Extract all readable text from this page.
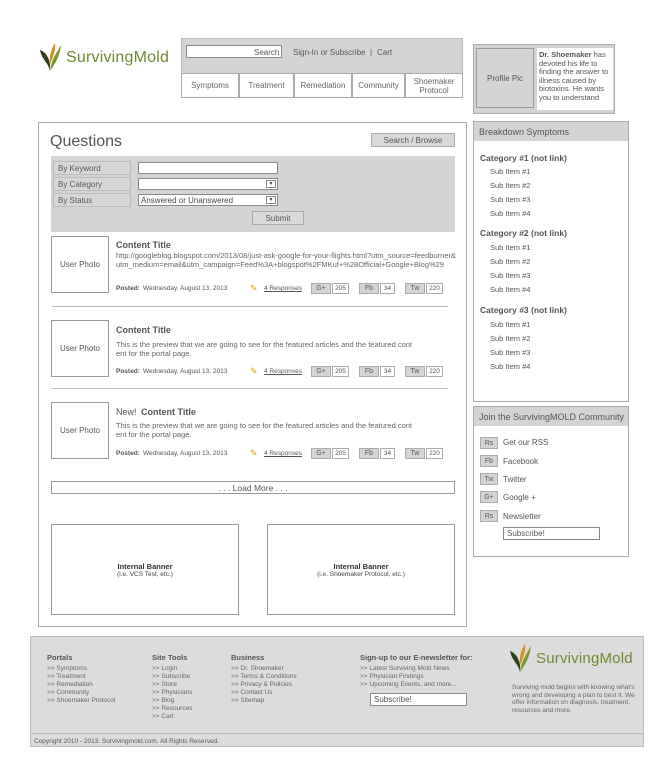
SurvivingMold	Search Sign-In or Subscribe | Cart
Symptoms	Treatment	Remediation	Community	Shoemaker Protocol
Profile Pic
Dr. Shoemaker has devoted his life to finding the answer to illness caused by biotoxins. He wants you to understand
Questions	Search / Browse
By Keyword
By Category	▾
By Status	Answered or Unanswered	▾
Submit
User Photo
Content Title
http://googleblog.blogspot.com/2013/08/just-ask-google-for-your-flights.html?utm_source=feedburner&utm_medium=email&utm_campaign=Feed%3A+blogspot%2FMKuf+%28Official+Google+Blog%29
Posted: Wednesday, August 13, 2013	✎ 4 Responses	G+	205	Fb	34	Tw	220
User Photo
Content Title
This is the preview that we are going to see for the featured articles and the featured content for the portal page.
Posted: Wednesday, August 13, 2013	✎ 4 Responses	G+	205	Fb	34	Tw	220
User Photo
New! Content Title
This is the preview that we are going to see for the featured articles and the featured content for the portal page.
Posted: Wednesday, August 13, 2013	✎ 4 Responses	G+	205	Fb	34	Tw	220
. . . Load More . . .
Internal Banner
(i.e. VCS Test, etc.)
Internal Banner
(i.e. Shoemaker Protocol, etc.)
Breakdown Symptoms
Category #1 (not link)
Sub Item #1
Sub Item #2
Sub Item #3
Sub Item #4
Category #2 (not link)
Sub Item #1
Sub Item #2
Sub Item #3
Sub Item #4
Category #3 (not link)
Sub Item #1
Sub Item #2
Sub Item #3
Sub Item #4
Join the SurvivingMOLD Community
Rs	Get our RSS
Fb	Facebook
Tw	Twitter
G+	Google +
Rs	Newsletter
Subscribe!
Portals
>> Symptoms
>> Treatment
>> Remediation
>> Community
>> Shoemaker Protocol
Site Tools
>> Login
>> Subscribe
>> Store
>> Physicians
>> Blog
>> Resources
>> Cart
Business
>> Dr. Shoemaker
>> Terms & Conditions
>> Privacy & Policies
>> Contact Us
>> Sitemap
Sign-up to our E-newsletter for:
>> Latest Surviving Mold News
>> Physician Findings
>> Upcoming Events, and more...
Subscribe!
SurvivingMold
Surviving mold begins with knowing what's wrong and developing a plan to best it. We offer information on diagnosis, treatment, resources and more.
Copyright 2010 - 2013. Survivingmold.com. All Rights Reserved.
